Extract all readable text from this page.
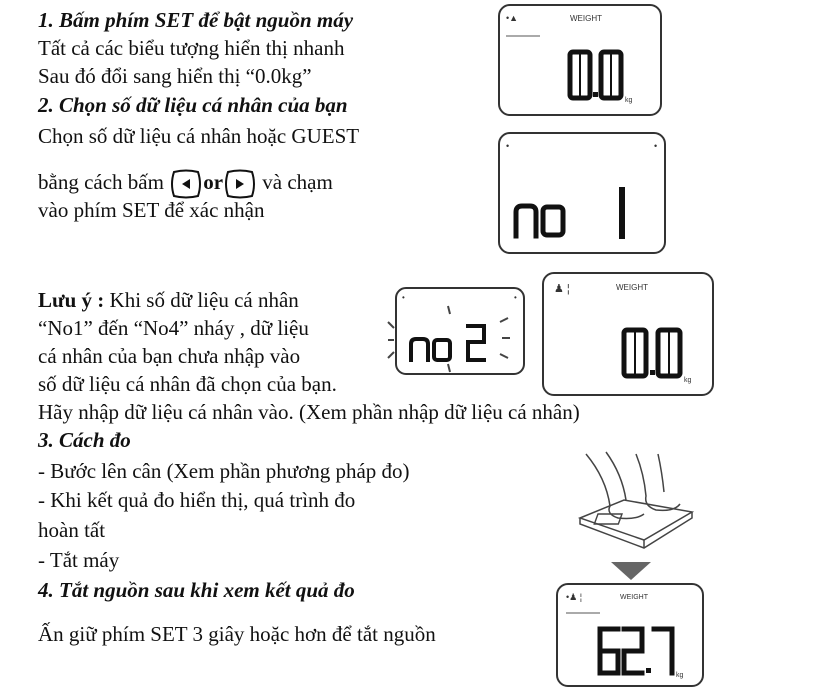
1. Bấm phím SET để bật nguồn máy

Tất cả các biểu tượng hiển thị nhanh

Sau đó đổi sang hiển thị “0.0kg”

2. Chọn số dữ liệu cá nhân của bạn

Chọn số dữ liệu cá nhân hoặc GUEST

bằng cách bấm or và chạm

vào phím SET để xác nhận

Lưu ý : Khi số dữ liệu cá nhân

“No1” đến “No4” nháy , dữ liệu

cá nhân của bạn chưa nhập vào

số dữ liệu cá nhân đã chọn của bạn.

Hãy nhập dữ liệu cá nhân vào. (Xem phần nhập dữ liệu cá nhân)

3. Cách đo

- Bước lên cân (Xem phần phương pháp đo)

- Khi kết quả đo hiển thị, quá trình đo

hoàn tất

- Tắt máy

4. Tắt nguồn sau khi xem kết quả đo

Ấn giữ phím SET 3 giây hoặc hơn để tắt nguồn

•▲	WEIGHT
kg
•	•
•	•
♟ ¦	WEIGHT
kg
•♟ ¦	WEIGHT
kg
